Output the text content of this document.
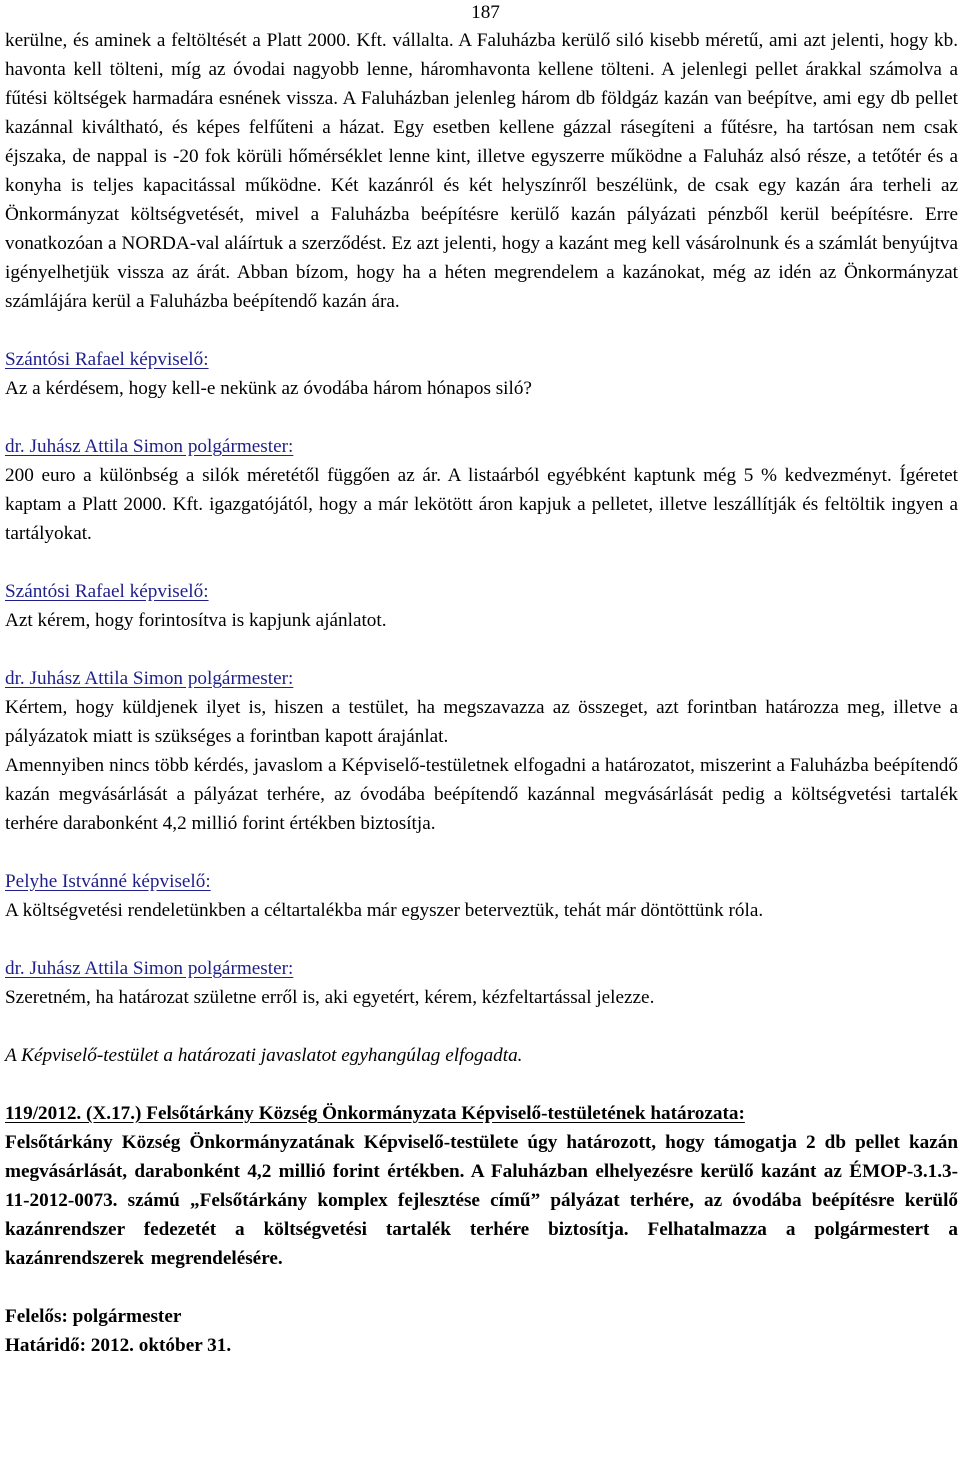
187

kerülne, és aminek a feltöltését a Platt 2000. Kft. vállalta. A Faluházba kerülő siló kisebb méretű, ami azt jelenti, hogy kb. havonta kell tölteni, míg az óvodai nagyobb lenne, háromhavonta kellene tölteni. A jelenlegi pellet árakkal számolva a fűtési költségek harmadára esnének vissza. A Faluházban jelenleg három db földgáz kazán van beépítve, ami egy db pellet kazánnal kiváltható, és képes felfűteni a házat. Egy esetben kellene gázzal rásegíteni a fűtésre, ha tartósan nem csak éjszaka, de nappal is -20 fok körüli hőmérséklet lenne kint, illetve egyszerre működne a Faluház alsó része, a tetőtér és a konyha is teljes kapacitással működne. Két kazánról és két helyszínről beszélünk, de csak egy kazán ára terheli az Önkormányzat költségvetését, mivel a Faluházba beépítésre kerülő kazán pályázati pénzből kerül beépítésre. Erre vonatkozóan a NORDA-val aláírtuk a szerződést. Ez azt jelenti, hogy a kazánt meg kell vásárolnunk és a számlát benyújtva igényelhetjük vissza az árát. Abban bízom, hogy ha a héten megrendelem a kazánokat, még az idén az Önkormányzat számlájára kerül a Faluházba beépítendő kazán ára.

Szántósi Rafael képviselő:

Az a kérdésem, hogy kell-e nekünk az óvodába három hónapos siló?

dr. Juhász Attila Simon polgármester:

200 euro a különbség a silók méretétől függően az ár. A listaárból egyébként kaptunk még 5 % kedvezményt. Ígéretet kaptam a Platt 2000. Kft. igazgatójától, hogy a már lekötött áron kapjuk a pelletet, illetve leszállítják és feltöltik ingyen a tartályokat.

Szántósi Rafael képviselő:

Azt kérem, hogy forintosítva is kapjunk ajánlatot.

dr. Juhász Attila Simon polgármester:

Kértem, hogy küldjenek ilyet is, hiszen a testület, ha megszavazza az összeget, azt forintban határozza meg, illetve a pályázatok miatt is szükséges a forintban kapott árajánlat.

Amennyiben nincs több kérdés, javaslom a Képviselő-testületnek elfogadni a határozatot, miszerint a Faluházba beépítendő kazán megvásárlását a pályázat terhére, az óvodába beépítendő kazánnal megvásárlását pedig a költségvetési tartalék terhére darabonként 4,2 millió forint értékben biztosítja.

Pelyhe Istvánné képviselő:

A költségvetési rendeletünkben a céltartalékba már egyszer beterveztük, tehát már döntöttünk róla.

dr. Juhász Attila Simon polgármester:

Szeretném, ha határozat születne erről is, aki egyetért, kérem, kézfeltartással jelezze.

A Képviselő-testület a határozati javaslatot egyhangúlag elfogadta.

119/2012. (X.17.) Felsőtárkány Község Önkormányzata Képviselő-testületének határozata:

Felsőtárkány Község Önkormányzatának Képviselő-testülete úgy határozott, hogy támogatja 2 db pellet kazán megvásárlását, darabonként 4,2 millió forint értékben. A Faluházban elhelyezésre kerülő kazánt az ÉMOP-3.1.3-11-2012-0073. számú „Felsőtárkány komplex fejlesztése című” pályázat terhére, az óvodába beépítésre kerülő kazánrendszer fedezetét a költségvetési tartalék terhére biztosítja. Felhatalmazza a polgármestert a kazánrendszerek megrendelésére.

Felelős: polgármester

Határidő: 2012. október 31.
